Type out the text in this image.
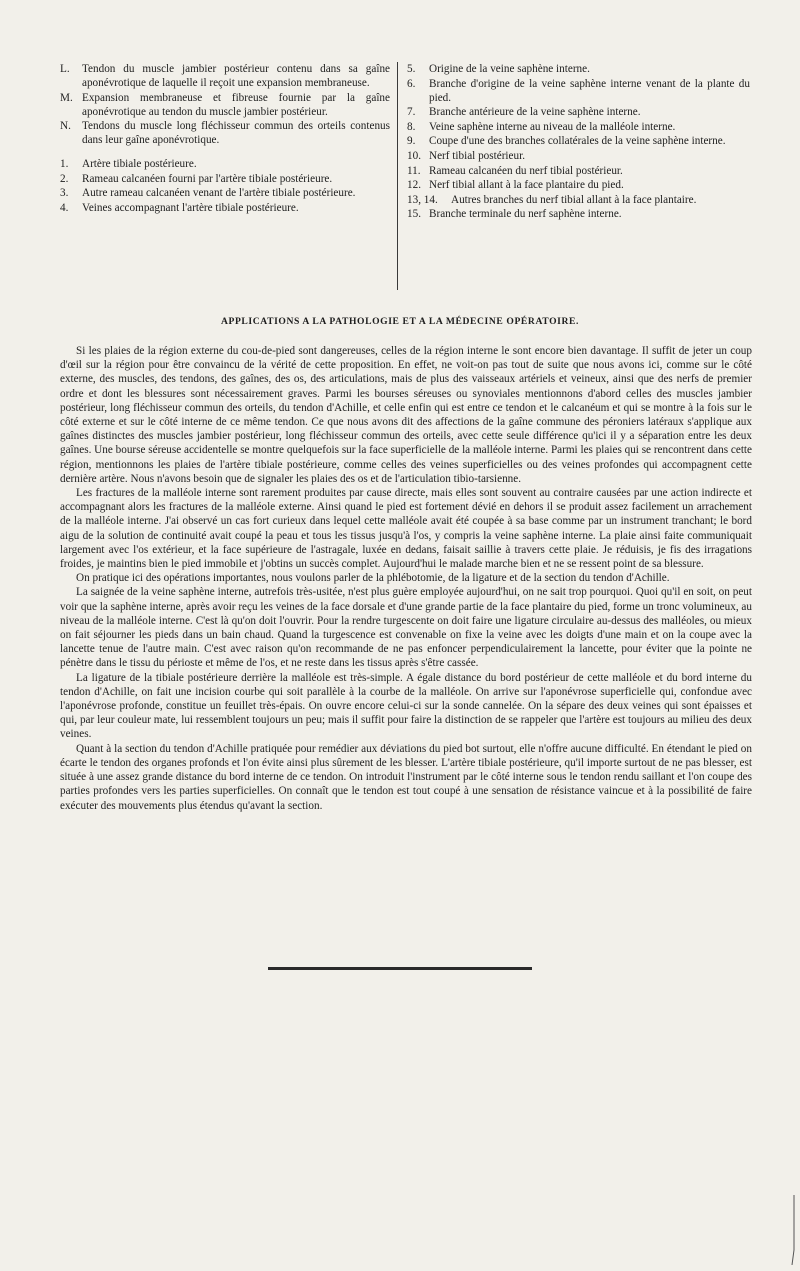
L. Tendon du muscle jambier postérieur contenu dans sa gaîne aponévrotique de laquelle il reçoit une expansion membraneuse.
M. Expansion membraneuse et fibreuse fournie par la gaîne aponévrotique au tendon du muscle jambier postérieur.
N. Tendons du muscle long fléchisseur commun des orteils contenus dans leur gaîne aponévrotique.
1. Artère tibiale postérieure.
2. Rameau calcanéen fourni par l'artère tibiale postérieure.
3. Autre rameau calcanéen venant de l'artère tibiale postérieure.
4. Veines accompagnant l'artère tibiale postérieure.
5. Origine de la veine saphène interne.
6. Branche d'origine de la veine saphène interne venant de la plante du pied.
7. Branche antérieure de la veine saphène interne.
8. Veine saphène interne au niveau de la malléole interne.
9. Coupe d'une des branches collatérales de la veine saphène interne.
10. Nerf tibial postérieur.
11. Rameau calcanéen du nerf tibial postérieur.
12. Nerf tibial allant à la face plantaire du pied.
13, 14. Autres branches du nerf tibial allant à la face plantaire.
15. Branche terminale du nerf saphène interne.
APPLICATIONS A LA PATHOLOGIE ET A LA MÉDECINE OPÉRATOIRE.

Si les plaies de la région externe du cou-de-pied sont dangereuses, celles de la région interne le sont encore bien davantage. Il suffit de jeter un coup d'œil sur la région pour être convaincu de la vérité de cette proposition. En effet, ne voit-on pas tout de suite que nous avons ici, comme sur le côté externe, des muscles, des tendons, des gaînes, des os, des articulations, mais de plus des vaisseaux artériels et veineux, ainsi que des nerfs de premier ordre et dont les blessures sont nécessairement graves. Parmi les bourses séreuses ou synoviales mentionnons d'abord celles des muscles jambier postérieur, long fléchisseur commun des orteils, du tendon d'Achille, et celle enfin qui est entre ce tendon et le calcanéum et qui se montre à la fois sur le côté externe et sur le côté interne de ce même tendon. Ce que nous avons dit des affections de la gaîne commune des péroniers latéraux s'applique aux gaînes distinctes des muscles jambier postérieur, long fléchisseur commun des orteils, avec cette seule différence qu'ici il y a séparation entre les deux gaînes. Une bourse séreuse accidentelle se montre quelquefois sur la face superficielle de la malléole interne. Parmi les plaies qui se rencontrent dans cette région, mentionnons les plaies de l'artère tibiale postérieure, comme celles des veines superficielles ou des veines profondes qui accompagnent cette dernière artère. Nous n'avons besoin que de signaler les plaies des os et de l'articulation tibio-tarsienne.

Les fractures de la malléole interne sont rarement produites par cause directe, mais elles sont souvent au contraire causées par une action indirecte et accompagnant alors les fractures de la malléole externe. Ainsi quand le pied est fortement dévié en dehors il se produit assez facilement un arrachement de la malléole interne. J'ai observé un cas fort curieux dans lequel cette malléole avait été coupée à sa base comme par un instrument tranchant; le bord aigu de la solution de continuité avait coupé la peau et tous les tissus jusqu'à l'os, y compris la veine saphène interne. La plaie ainsi faite communiquait largement avec l'os extérieur, et la face supérieure de l'astragale, luxée en dedans, faisait saillie à travers cette plaie. Je réduisis, je fis des irragations froides, je maintins bien le pied immobile et j'obtins un succès complet. Aujourd'hui le malade marche bien et ne se ressent point de sa blessure.

On pratique ici des opérations importantes, nous voulons parler de la phlébotomie, de la ligature et de la section du tendon d'Achille.

La saignée de la veine saphène interne, autrefois très-usitée, n'est plus guère employée aujourd'hui, on ne sait trop pourquoi. Quoi qu'il en soit, on peut voir que la saphène interne, après avoir reçu les veines de la face dorsale et d'une grande partie de la face plantaire du pied, forme un tronc volumineux, au niveau de la malléole interne. C'est là qu'on doit l'ouvrir. Pour la rendre turgescente on doit faire une ligature circulaire au-dessus des malléoles, ou mieux on fait séjourner les pieds dans un bain chaud. Quand la turgescence est convenable on fixe la veine avec les doigts d'une main et on la coupe avec la lancette tenue de l'autre main. C'est avec raison qu'on recommande de ne pas enfoncer perpendiculairement la lancette, pour éviter que la pointe ne pénètre dans le tissu du périoste et même de l'os, et ne reste dans les tissus après s'être cassée.

La ligature de la tibiale postérieure derrière la malléole est très-simple. A égale distance du bord postérieur de cette malléole et du bord interne du tendon d'Achille, on fait une incision courbe qui soit parallèle à la courbe de la malléole. On arrive sur l'aponévrose superficielle qui, confondue avec l'aponévrose profonde, constitue un feuillet très-épais. On ouvre encore celui-ci sur la sonde cannelée. On la sépare des deux veines qui sont épaisses et qui, par leur couleur mate, lui ressemblent toujours un peu; mais il suffit pour faire la distinction de se rappeler que l'artère est toujours au milieu des deux veines.

Quant à la section du tendon d'Achille pratiquée pour remédier aux déviations du pied bot surtout, elle n'offre aucune difficulté. En étendant le pied on écarte le tendon des organes profonds et l'on évite ainsi plus sûrement de les blesser. L'artère tibiale postérieure, qu'il importe surtout de ne pas blesser, est située à une assez grande distance du bord interne de ce tendon. On introduit l'instrument par le côté interne sous le tendon rendu saillant et l'on coupe des parties profondes vers les parties superficielles. On connaît que le tendon est tout coupé à une sensation de résistance vaincue et à la possibilité de faire exécuter des mouvements plus étendus qu'avant la section.
